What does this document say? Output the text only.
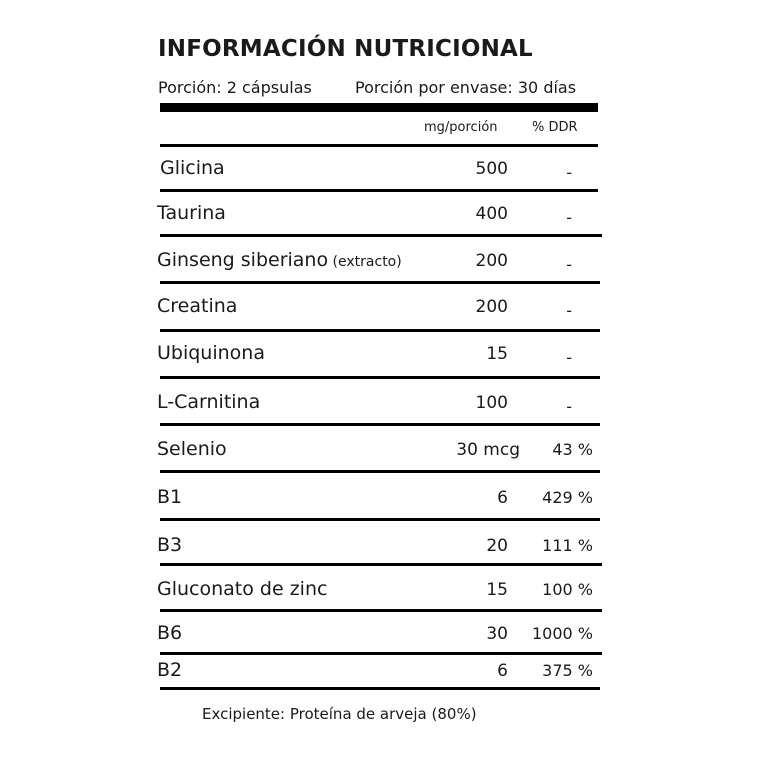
INFORMACIÓN NUTRICIONAL
Porción: 2 cápsulas	Porción por envase: 30 días
mg/porción	% DDR
Glicina	500	-
Taurina	400	-
Ginseng siberiano (extracto)	200	-
Creatina	200	-
Ubiquinona	15	-
L-Carnitina	100	-
Selenio	30 mcg	43 %
B1	6	429 %
B3	20	111 %
Gluconato de zinc	15	100 %
B6	30	1000 %
B2	6	375 %
Excipiente: Proteína de arveja (80%)
